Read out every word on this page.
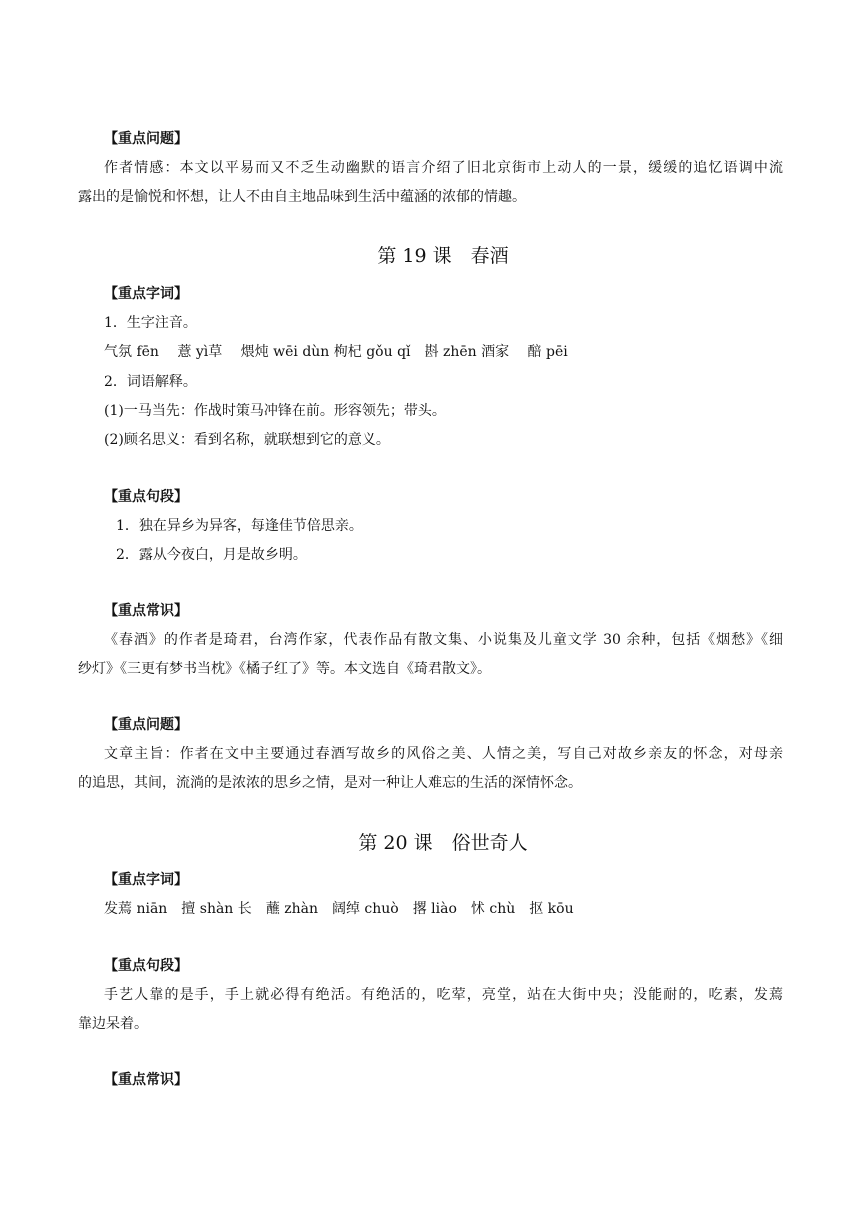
【重点问题】
作者情感：本文以平易而又不乏生动幽默的语言介绍了旧北京街市上动人的一景，缓缓的追忆语调中流
露出的是愉悦和怀想，让人不由自主地品味到生活中蕴涵的浓郁的情趣。
第 19 课　春酒
【重点字词】
1．生字注音。
气氛 fēn　 薏 yì草　 煨炖 wēi dùn 枸杞 gǒu qǐ　斟 zhēn 酒家　 醅 pēi
2．词语解释。
(1)一马当先：作战时策马冲锋在前。形容领先；带头。
(2)顾名思义：看到名称，就联想到它的意义。
【重点句段】
1．独在异乡为异客，每逢佳节倍思亲。
2．露从今夜白，月是故乡明。
【重点常识】
《春酒》的作者是琦君，台湾作家，代表作品有散文集、小说集及儿童文学 30 余种，包括《烟愁》《细
纱灯》《三更有梦书当枕》《橘子红了》等。本文选自《琦君散文》。
【重点问题】
文章主旨：作者在文中主要通过春酒写故乡的风俗之美、人情之美，写自己对故乡亲友的怀念，对母亲
的追思，其间，流淌的是浓浓的思乡之情，是对一种让人难忘的生活的深情怀念。
第 20 课　俗世奇人
【重点字词】
发蔫 niān　擅 shàn 长　蘸 zhàn　阔绰 chuò　撂 liào　怵 chù　抠 kōu
【重点句段】
手艺人靠的是手，手上就必得有绝活。有绝活的，吃荤，亮堂，站在大街中央；没能耐的，吃素，发蔫
靠边呆着。
【重点常识】
